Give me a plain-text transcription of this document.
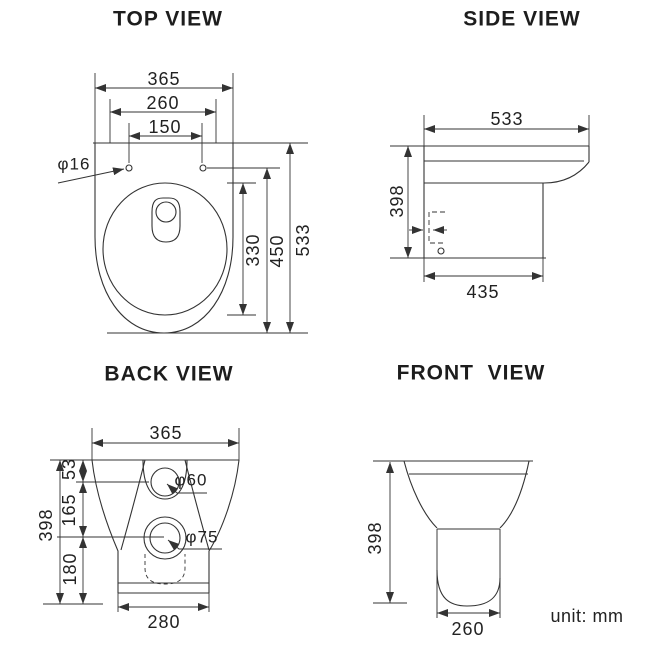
TOP VIEW
365
260
150
φ16
330 450 533
SIDE VIEW
533
398
435
BACK VIEW
365
53
165
398
180
φ60
φ75
280
FRONT  VIEW
398
260
unit: mm
